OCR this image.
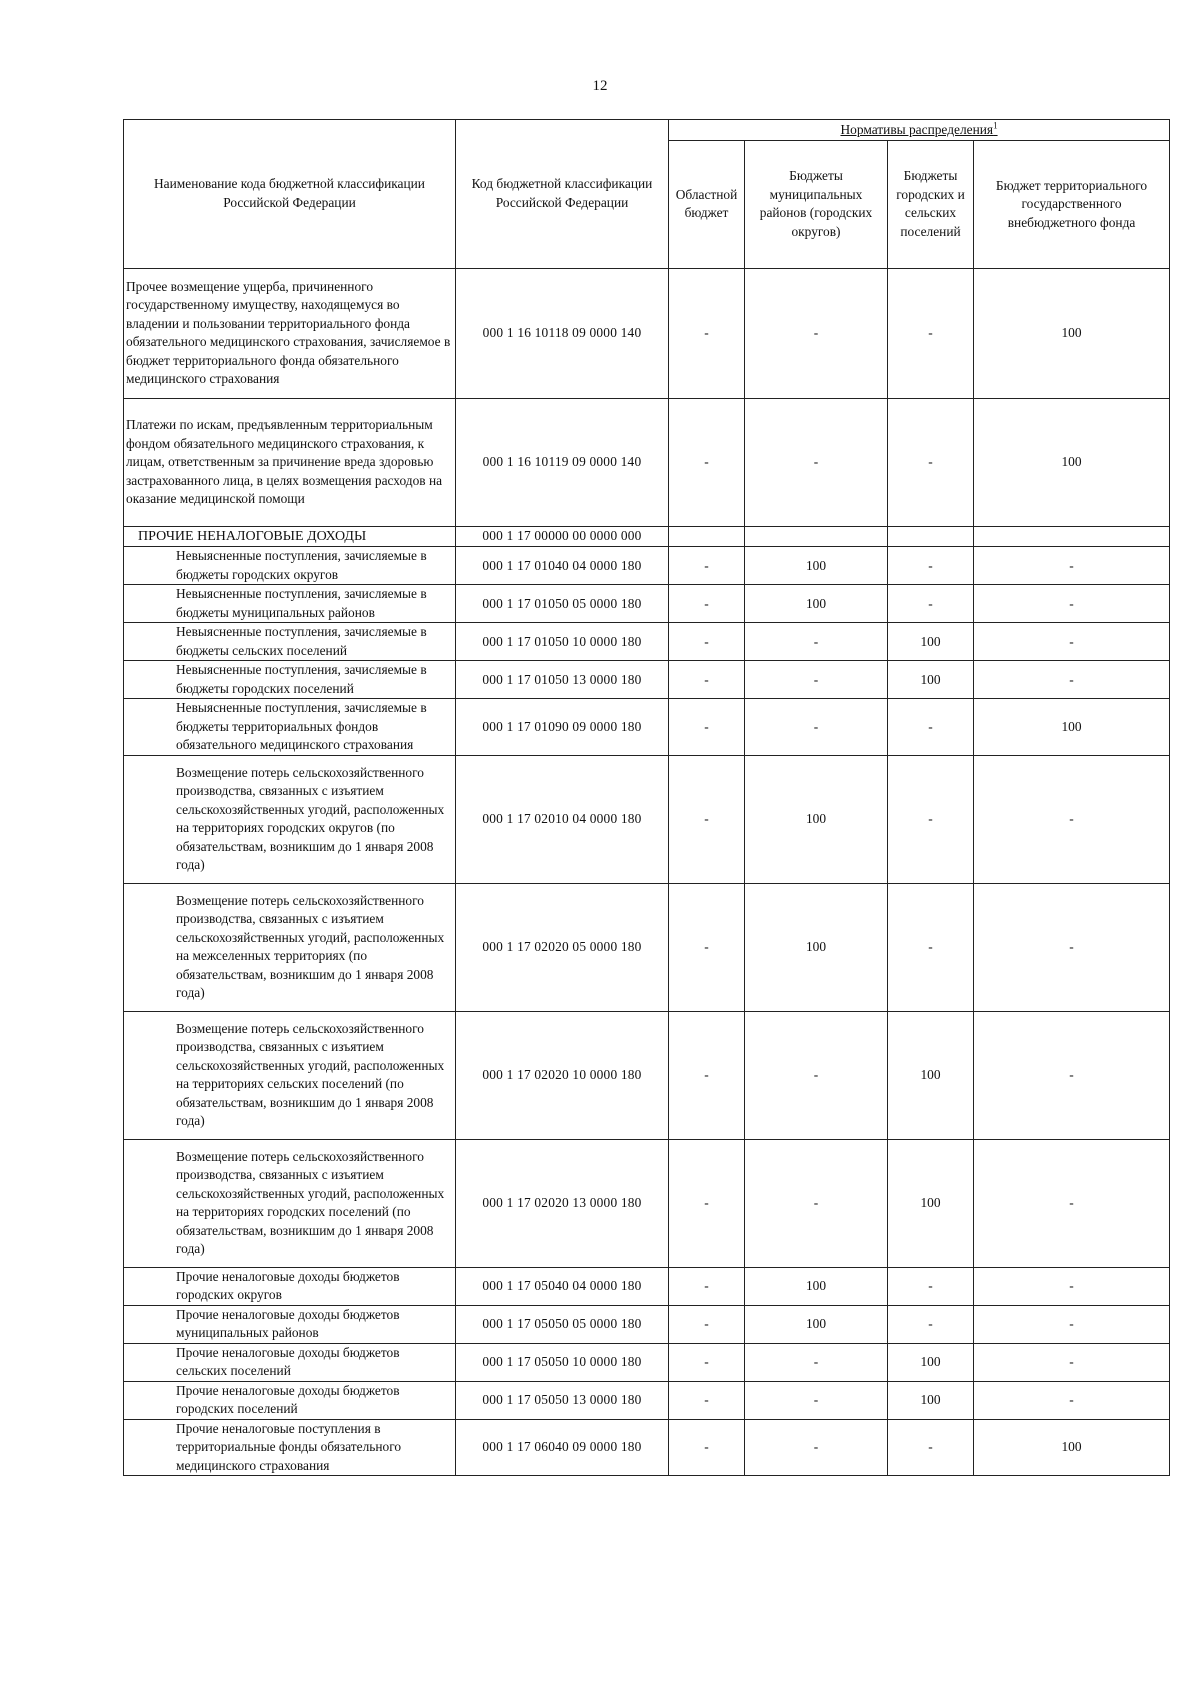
12
Наименование кода бюджетной классификации Российской Федерации	Код бюджетной классификации Российской Федерации	Нормативы распределения$^1$
		Областной бюджет	Бюджеты муниципальных районов (городских округов)	Бюджеты городских и сельских поселений	Бюджет территориального государственного внебюджетного фонда
Прочее возмещение ущерба, причиненного государственному имуществу, находящемуся во владении и пользовании территориального фонда обязательного медицинского страхования, зачисляемое в бюджет территориального фонда обязательного медицинского страхования	000 1 16 10118 09 0000 140	-	-	-	100
Платежи по искам, предъявленным территориальным фондом обязательного медицинского страхования, к лицам, ответственным за причинение вреда здоровью застрахованного лица, в целях возмещения расходов на оказание медицинской помощи	000 1 16 10119 09 0000 140	-	-	-	100
ПРОЧИЕ НЕНАЛОГОВЫЕ ДОХОДЫ	000 1 17 00000 00 0000 000				
Невыясненные поступления, зачисляемые в бюджеты городских округов	000 1 17 01040 04 0000 180	-	100	-	-
Невыясненные поступления, зачисляемые в бюджеты муниципальных районов	000 1 17 01050 05 0000 180	-	100	-	-
Невыясненные поступления, зачисляемые в бюджеты сельских поселений	000 1 17 01050 10 0000 180	-	-	100	-
Невыясненные поступления, зачисляемые в бюджеты городских поселений	000 1 17 01050 13 0000 180	-	-	100	-
Невыясненные поступления, зачисляемые в бюджеты территориальных фондов обязательного медицинского страхования	000 1 17 01090 09 0000 180	-	-	-	100
Возмещение потерь сельскохозяйственного производства, связанных с изъятием сельскохозяйственных угодий, расположенных на территориях городских округов (по обязательствам, возникшим до 1 января 2008 года)	000 1 17 02010 04 0000 180	-	100	-	-
Возмещение потерь сельскохозяйственного производства, связанных с изъятием сельскохозяйственных угодий, расположенных на межселенных территориях (по обязательствам, возникшим до 1 января 2008 года)	000 1 17 02020 05 0000 180	-	100	-	-
Возмещение потерь сельскохозяйственного производства, связанных с изъятием сельскохозяйственных угодий, расположенных на территориях сельских поселений (по обязательствам, возникшим до 1 января 2008 года)	000 1 17 02020 10 0000 180	-	-	100	-
Возмещение потерь сельскохозяйственного производства, связанных с изъятием сельскохозяйственных угодий, расположенных на территориях городских поселений (по обязательствам, возникшим до 1 января 2008 года)	000 1 17 02020 13 0000 180	-	-	100	-
Прочие неналоговые доходы бюджетов городских округов	000 1 17 05040 04 0000 180	-	100	-	-
Прочие неналоговые доходы бюджетов муниципальных районов	000 1 17 05050 05 0000 180	-	100	-	-
Прочие неналоговые доходы бюджетов сельских поселений	000 1 17 05050 10 0000 180	-	-	100	-
Прочие неналоговые доходы бюджетов городских поселений	000 1 17 05050 13 0000 180	-	-	100	-
Прочие неналоговые поступления в территориальные фонды обязательного медицинского страхования	000 1 17 06040 09 0000 180	-	-	-	100
